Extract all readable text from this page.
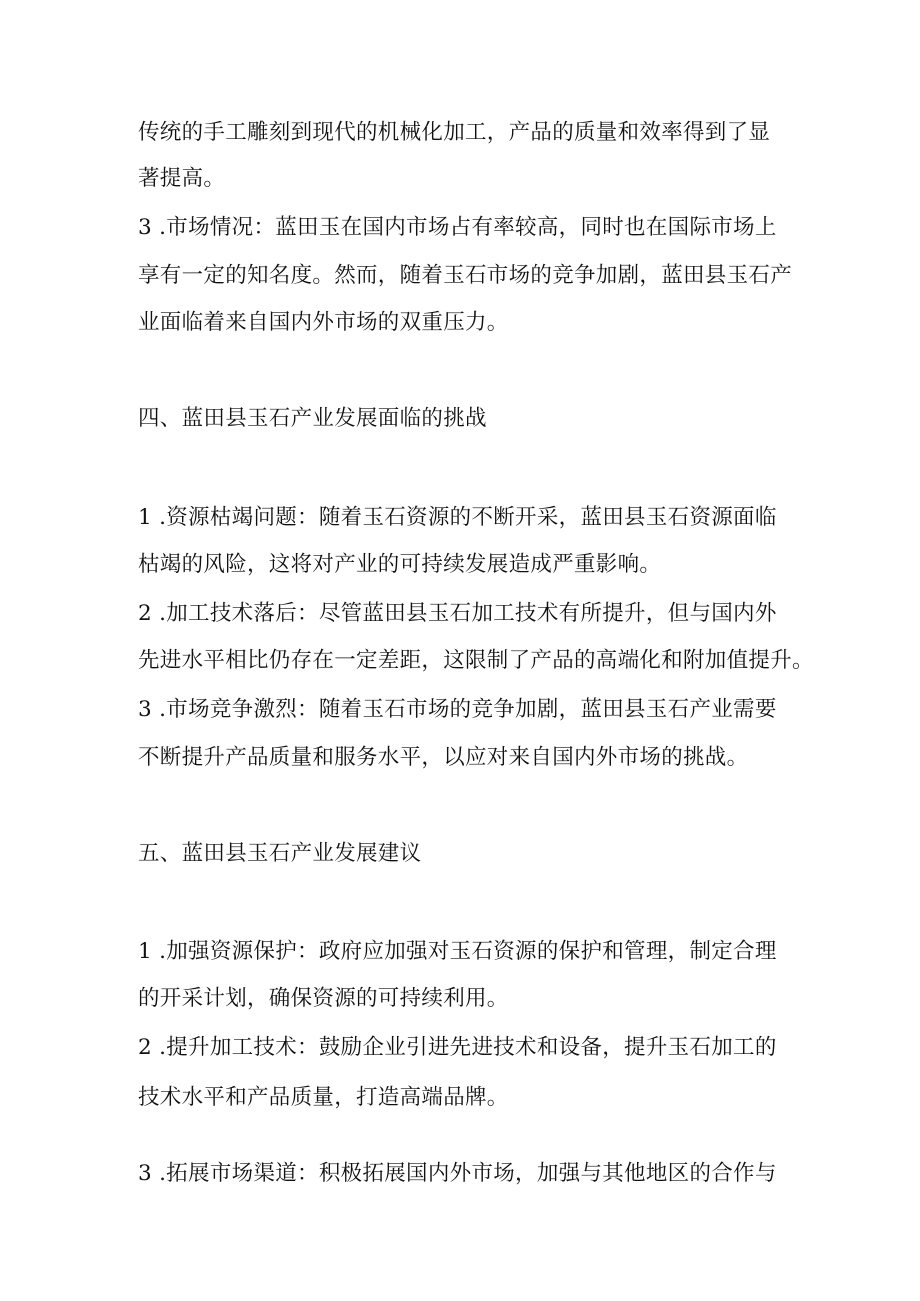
传统的手工雕刻到现代的机械化加工，产品的质量和效率得到了显
著提高。
3 .市场情况：蓝田玉在国内市场占有率较高，同时也在国际市场上
享有一定的知名度。然而，随着玉石市场的竞争加剧，蓝田县玉石产
业面临着来自国内外市场的双重压力。
四、蓝田县玉石产业发展面临的挑战
1 .资源枯竭问题：随着玉石资源的不断开采，蓝田县玉石资源面临
枯竭的风险，这将对产业的可持续发展造成严重影响。
2 .加工技术落后：尽管蓝田县玉石加工技术有所提升，但与国内外
先进水平相比仍存在一定差距，这限制了产品的高端化和附加值提升。
3 .市场竞争激烈：随着玉石市场的竞争加剧，蓝田县玉石产业需要
不断提升产品质量和服务水平，以应对来自国内外市场的挑战。
五、蓝田县玉石产业发展建议
1 .加强资源保护：政府应加强对玉石资源的保护和管理，制定合理
的开采计划，确保资源的可持续利用。
2 .提升加工技术：鼓励企业引进先进技术和设备，提升玉石加工的
技术水平和产品质量，打造高端品牌。
3 .拓展市场渠道：积极拓展国内外市场，加强与其他地区的合作与
